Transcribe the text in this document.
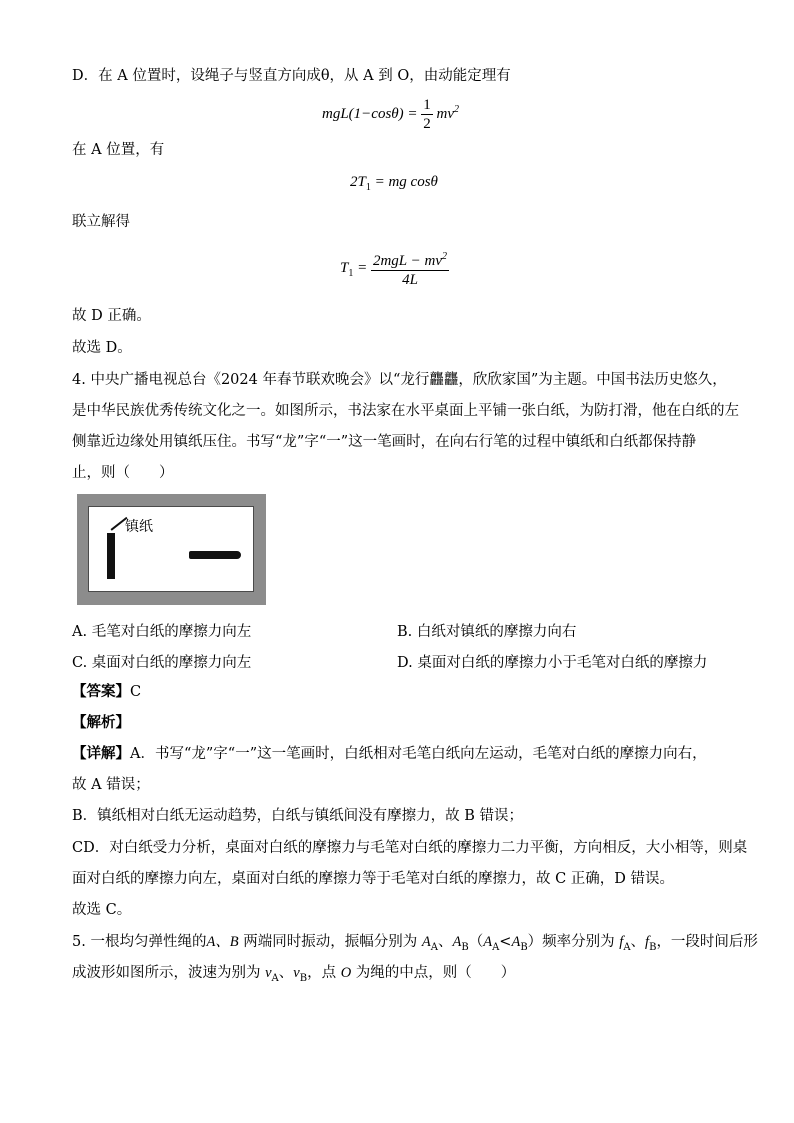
D．在 A 位置时，设绳子与竖直方向成θ，从 A 到 O，由动能定理有
$mgL(1-\cos\theta) = \frac{1}{2} mv^2$
在 A 位置，有
$2T_1$ = mg cosθ
联立解得
$T_1 = \frac{2mgL - mv^2}{4L}$
故 D 正确。
故选 D。
4. 中央广播电视总台《2024 年春节联欢晚会》以“龙行龘龘，欣欣家国”为主题。中国书法历史悠久，
是中华民族优秀传统文化之一。如图所示，书法家在水平桌面上平铺一张白纸，为防打滑，他在白纸的左
侧靠近边缘处用镇纸压住。书写“龙”字“一”这一笔画时，在向右行笔的过程中镇纸和白纸都保持静
止，则（　　）
镇纸
A. 毛笔对白纸的摩擦力向左	B. 白纸对镇纸的摩擦力向右
C. 桌面对白纸的摩擦力向左	D. 桌面对白纸的摩擦力小于毛笔对白纸的摩擦力
【答案】C
【解析】
【详解】A．书写“龙”字“一”这一笔画时，白纸相对毛笔白纸向左运动，毛笔对白纸的摩擦力向右，
故 A 错误；
B．镇纸相对白纸无运动趋势，白纸与镇纸间没有摩擦力，故 B 错误；
CD．对白纸受力分析，桌面对白纸的摩擦力与毛笔对白纸的摩擦力二力平衡，方向相反，大小相等，则桌
面对白纸的摩擦力向左，桌面对白纸的摩擦力等于毛笔对白纸的摩擦力，故 C 正确，D 错误。
故选 C。
5. 一根均匀弹性绳的A、B 两端同时振动，振幅分别为 $A_A$、$A_B(A_A<A_B)$频率分别为 $f_A$、$f_B$，一段时间后形
成波形如图所示，波速为别为 $v_A$、$v_B$，点 O 为绳的中点，则（　　）
